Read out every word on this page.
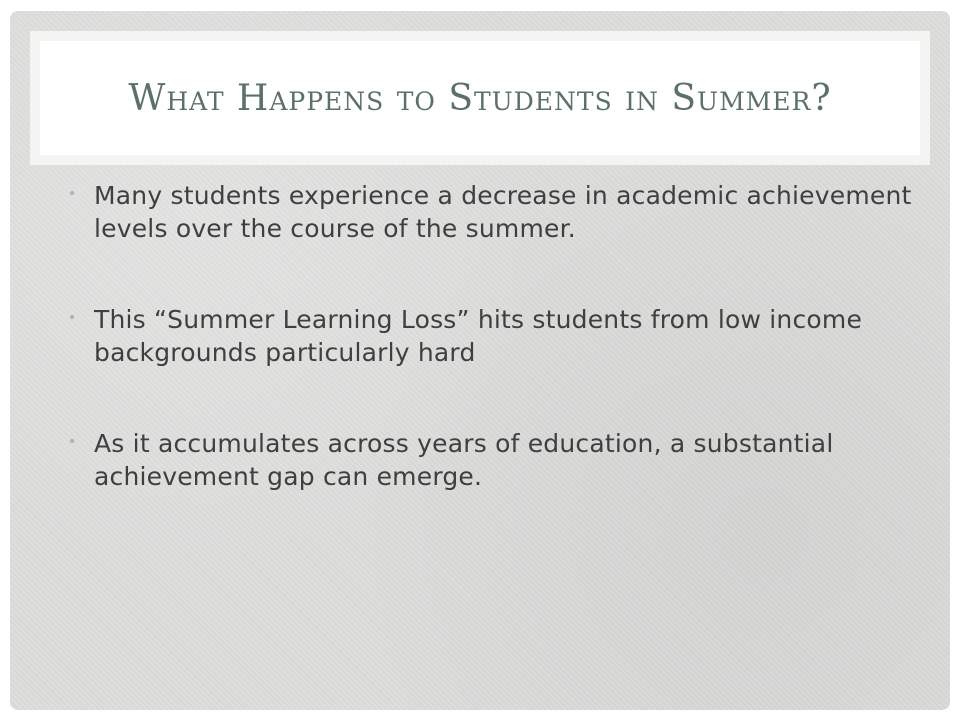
What Happens to Students in Summer?
• Many students experience a decrease in academic achievement levels over the course of the summer.
• This “Summer Learning Loss” hits students from low income backgrounds particularly hard
• As it accumulates across years of education, a substantial achievement gap can emerge.
